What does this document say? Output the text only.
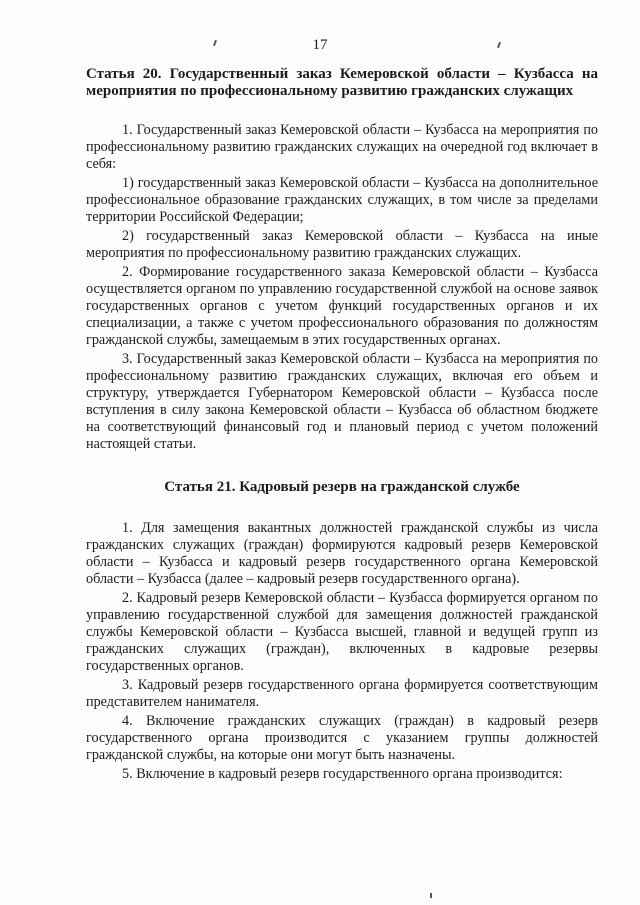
17

Статья 20. Государственный заказ Кемеровской области – Кузбасса на мероприятия по профессиональному развитию гражданских служащих

1. Государственный заказ Кемеровской области – Кузбасса на мероприятия по профессиональному развитию гражданских служащих на очередной год включает в себя:

1) государственный заказ Кемеровской области – Кузбасса на дополнительное профессиональное образование гражданских служащих, в том числе за пределами территории Российской Федерации;

2) государственный заказ Кемеровской области – Кузбасса на иные мероприятия по профессиональному развитию гражданских служащих.

2. Формирование государственного заказа Кемеровской области – Кузбасса осуществляется органом по управлению государственной службой на основе заявок государственных органов с учетом функций государственных органов и их специализации, а также с учетом профессионального образования по должностям гражданской службы, замещаемым в этих государственных органах.

3. Государственный заказ Кемеровской области – Кузбасса на мероприятия по профессиональному развитию гражданских служащих, включая его объем и структуру, утверждается Губернатором Кемеровской области – Кузбасса после вступления в силу закона Кемеровской области – Кузбасса об областном бюджете на соответствующий финансовый год и плановый период с учетом положений настоящей статьи.

Статья 21. Кадровый резерв на гражданской службе

1. Для замещения вакантных должностей гражданской службы из числа гражданских служащих (граждан) формируются кадровый резерв Кемеровской области – Кузбасса и кадровый резерв государственного органа Кемеровской области – Кузбасса (далее – кадровый резерв государственного органа).

2. Кадровый резерв Кемеровской области – Кузбасса формируется органом по управлению государственной службой для замещения должностей гражданской службы Кемеровской области – Кузбасса высшей, главной и ведущей групп из гражданских служащих (граждан), включенных в кадровые резервы государственных органов.

3. Кадровый резерв государственного органа формируется соответствующим представителем нанимателя.

4. Включение гражданских служащих (граждан) в кадровый резерв государственного органа производится с указанием группы должностей гражданской службы, на которые они могут быть назначены.

5. Включение в кадровый резерв государственного органа производится:
